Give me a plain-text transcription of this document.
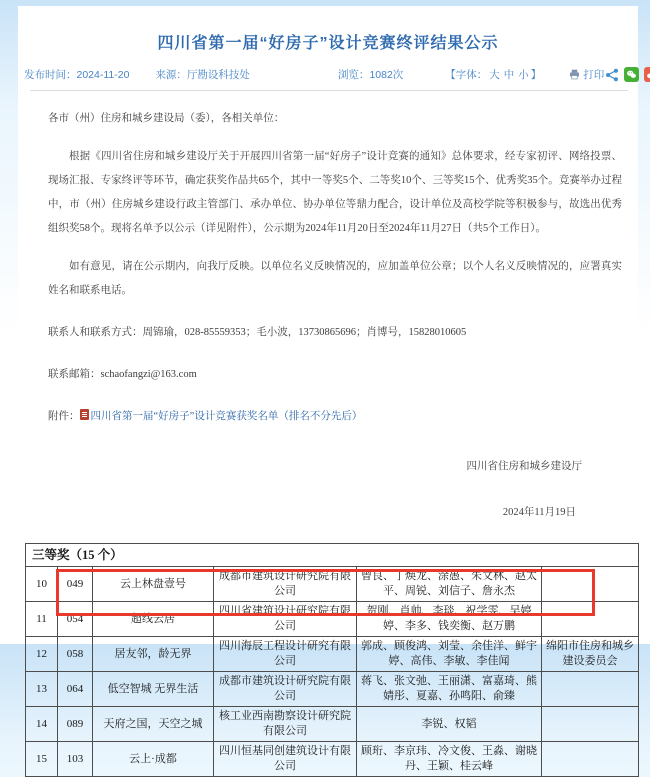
四川省第一届“好房子”设计竞赛终评结果公示
发布时间：2024-11-20 来源：厅勘设科技处	浏览：1082次	【字体： 大 中 小 】	打印
各市（州）住房和城乡建设局（委），各相关单位：
根据《四川省住房和城乡建设厅关于开展四川省第一届“好房子”设计竞赛的通知》总体要求，经专家初评、网络投票、现场汇报、专家终评等环节，确定获奖作品共65个，其中一等奖5个、二等奖10个、三等奖15个、优秀奖35个。竞赛举办过程中，市（州）住房城乡建设行政主管部门、承办单位、协办单位等鼎力配合，设计单位及高校学院等积极参与，故选出优秀组织奖58个。现将名单予以公示（详见附件），公示期为2024年11月20日至2024年11月27日（共5个工作日）。
如有意见，请在公示期内，向我厅反映。以单位名义反映情况的，应加盖单位公章；以个人名义反映情况的，应署真实姓名和联系电话。
联系人和联系方式：周锦瑜，028-85559353；毛小波，13730865696；肖博号，15828010605
联系邮箱：schaofangzi@163.com
附件： 四川省第一届“好房子”设计竞赛获奖名单（排名不分先后）
四川省住房和城乡建设厅
2024年11月19日
三等奖（15 个）					
10	049	云上林盘壹号	成都市建筑设计研究院有限公司	曾良、丁焕龙、涂愚、朱文林、赵太平、周锐、刘信子、詹永杰	
11	054	超线云居	四川省建筑设计研究院有限公司	贺刚、肖帅、李琰、祝学雯、吴婷婷、李多、钱奕衡、赵万鹏	
12	058	居友邻，龄无界	四川海辰工程设计研究有限公司	郭成、顾俊鸿、刘莹、余佳洋、鲜宇婷、高伟、李敏、李佳闻	绵阳市住房和城乡建设委员会
13	064	低空智城 无界生活	成都市建筑设计研究院有限公司	蒋飞、张文弛、王丽潇、富嘉琦、熊婧彤、夏嘉、孙鸣阳、俞臻	
14	089	天府之国，天空之城	核工业西南勘察设计研究院有限公司	李锐、权韬	
15	103	云上·成都	四川恒基同创建筑设计有限公司	顾珩、李京玮、冷文俊、王淼、谢晓丹、王颖、桂云峰	
